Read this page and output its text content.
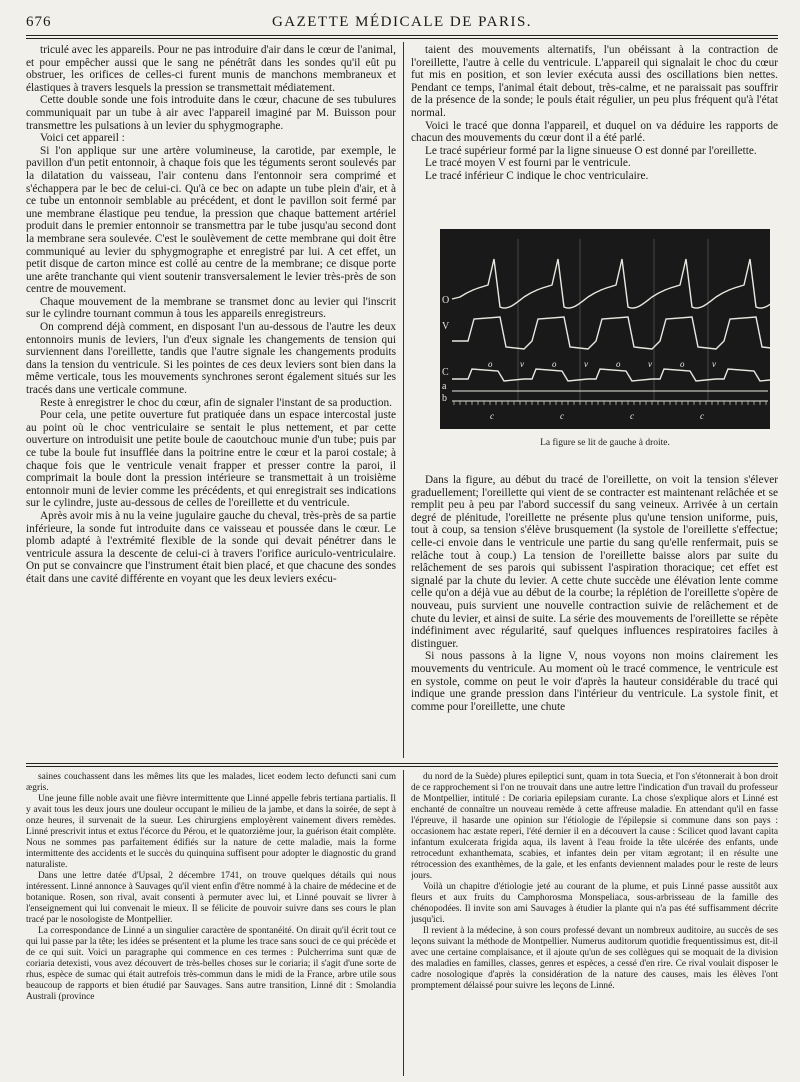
676	GAZETTE MÉDICALE DE PARIS.

triculé avec les appareils. Pour ne pas introduire d'air dans le cœur de l'animal, et pour empêcher aussi que le sang ne pénétrât dans les sondes qu'il eût pu obstruer, les orifices de celles-ci furent munis de manchons membraneux et élastiques à travers lesquels la pression se transmettait médiatement.

Cette double sonde une fois introduite dans le cœur, chacune de ses tubulures communiquait par un tube à air avec l'appareil imaginé par M. Buisson pour transmettre les pulsations à un levier du sphygmographe.

Voici cet appareil :

Si l'on applique sur une artère volumineuse, la carotide, par exemple, le pavillon d'un petit entonnoir, à chaque fois que les téguments seront soulevés par la dilatation du vaisseau, l'air contenu dans l'entonnoir sera comprimé et s'échappera par le bec de celui-ci. Qu'à ce bec on adapte un tube plein d'air, et à ce tube un entonnoir semblable au précédent, et dont le pavillon soit fermé par une membrane élastique peu tendue, la pression que chaque battement artériel produit dans le premier entonnoir se transmettra par le tube jusqu'au second dont la membrane sera soulevée. C'est le soulèvement de cette membrane qui doit être communiqué au levier du sphygmographe et enregistré par lui. A cet effet, un petit disque de carton mince est collé au centre de la membrane; ce disque porte une arête tranchante qui vient soutenir transversalement le levier très-près de son centre de mouvement.

Chaque mouvement de la membrane se transmet donc au levier qui l'inscrit sur le cylindre tournant commun à tous les appareils enregistreurs.

On comprend déjà comment, en disposant l'un au-dessous de l'autre les deux entonnoirs munis de leviers, l'un d'eux signale les changements de tension qui surviennent dans l'oreillette, tandis que l'autre signale les changements produits dans la tension du ventricule. Si les pointes de ces deux leviers sont bien dans la même verticale, tous les mouvements synchrones seront également situés sur les tracés dans une verticale commune.

Reste à enregistrer le choc du cœur, afin de signaler l'instant de sa production.

Pour cela, une petite ouverture fut pratiquée dans un espace intercostal juste au point où le choc ventriculaire se sentait le plus nettement, et par cette ouverture on introduisit une petite boule de caoutchouc munie d'un tube; puis par ce tube la boule fut insufflée dans la poitrine entre le cœur et la paroi costale; à chaque fois que le ventricule venait frapper et presser contre la paroi, il comprimait la boule dont la pression intérieure se transmettait à un troisième entonnoir muni de levier comme les précédents, et qui enregistrait ses indications sur le cylindre, juste au-dessous de celles de l'oreillette et du ventricule.

Après avoir mis à nu la veine jugulaire gauche du cheval, très-près de sa partie inférieure, la sonde fut introduite dans ce vaisseau et poussée dans le cœur. Le plomb adapté à l'extrémité flexible de la sonde qui devait pénétrer dans le ventricule assura la descente de celui-ci à travers l'orifice auriculo-ventriculaire. On put se convaincre que l'instrument était bien placé, et que chacune des sondes était dans une cavité différente en voyant que les deux leviers exécu-

taient des mouvements alternatifs, l'un obéissant à la contraction de l'oreillette, l'autre à celle du ventricule. L'appareil qui signalait le choc du cœur fut mis en position, et son levier exécuta aussi des oscillations bien nettes. Pendant ce temps, l'animal était debout, très-calme, et ne paraissait pas souffrir de la présence de la sonde; le pouls était régulier, un peu plus fréquent qu'à l'état normal.

Voici le tracé que donna l'appareil, et duquel on va déduire les rapports de chacun des mouvements du cœur dont il a été parlé.

Le tracé supérieur formé par la ligne sinueuse O est donné par l'oreillette.

Le tracé moyen V est fourni par le ventricule.

Le tracé inférieur C indique le choc ventriculaire.

O
V
C
a
b
o	v	o	v	o	v	o	v
c	c	c	c
La figure se lit de gauche à droite.

Dans la figure, au début du tracé de l'oreillette, on voit la tension s'élever graduellement; l'oreillette qui vient de se contracter est maintenant relâchée et se remplit peu à peu par l'abord successif du sang veineux. Arrivée à un certain degré de plénitude, l'oreillette ne présente plus qu'une tension uniforme, puis, tout à coup, sa tension s'élève brusquement (la systole de l'oreillette s'effectue; celle-ci envoie dans le ventricule une partie du sang qu'elle renfermait, puis se relâche tout à coup.) La tension de l'oreillette baisse alors par suite du relâchement de ses parois qui subissent l'aspiration thoracique; cet effet est signalé par la chute du levier. A cette chute succède une élévation lente comme celle qu'on a déjà vue au début de la courbe; la réplétion de l'oreillette s'opère de nouveau, puis survient une nouvelle contraction suivie de relâchement et de chute du levier, et ainsi de suite. La série des mouvements de l'oreillette se répète indéfiniment avec régularité, sauf quelques influences respiratoires faciles à distinguer.

Si nous passons à la ligne V, nous voyons non moins clairement les mouvements du ventricule. Au moment où le tracé commence, le ventricule est en systole, comme on peut le voir d'après la hauteur considérable du tracé qui indique une grande pression dans l'intérieur du ventricule. La systole finit, et comme pour l'oreillette, une chute

saines couchassent dans les mêmes lits que les malades, licet eodem lecto defuncti sani cum ægris.

Une jeune fille noble avait une fièvre intermittente que Linné appelle febris tertiana partialis. Il y avait tous les deux jours une douleur occupant le milieu de la jambe, et dans la soirée, de sept à onze heures, il survenait de la sueur. Les chirurgiens employèrent vainement divers remèdes. Linné prescrivit intus et extus l'écorce du Pérou, et le quatorzième jour, la guérison était complète. Nous ne sommes pas parfaitement édifiés sur la nature de cette maladie, mais la forme intermittente des accidents et le succès du quinquina suffisent pour adopter le diagnostic du grand naturaliste.

Dans une lettre datée d'Upsal, 2 décembre 1741, on trouve quelques détails qui nous intéressent. Linné annonce à Sauvages qu'il vient enfin d'être nommé à la chaire de médecine et de botanique. Rosen, son rival, avait consenti à permuter avec lui, et Linné pouvait se livrer à l'enseignement qui lui convenait le mieux. Il se félicite de pouvoir suivre dans ses cours le plan tracé par le nosologiste de Montpellier.

La correspondance de Linné a un singulier caractère de spontanéité. On dirait qu'il écrit tout ce qui lui passe par la tête; les idées se présentent et la plume les trace sans souci de ce qui précède et de ce qui suit. Voici un paragraphe qui commence en ces termes : Pulcherrima sunt quæ de coriaria detexisti, vous avez découvert de très-belles choses sur le coriaria; il s'agit d'une sorte de rhus, espèce de sumac qui était autrefois très-commun dans le midi de la France, arbre utile sous beaucoup de rapports et bien étudié par Sauvages. Sans autre transition, Linné dit : Smolandia Australi (province

du nord de la Suède) plures epileptici sunt, quam in tota Suecia, et l'on s'étonnerait à bon droit de ce rapprochement si l'on ne trouvait dans une autre lettre l'indication d'un travail du professeur de Montpellier, intitulé : De coriaria epilepsiam curante. La chose s'explique alors et Linné est enchanté de connaître un nouveau remède à cette affreuse maladie. En attendant qu'il en fasse l'épreuve, il hasarde une opinion sur l'étiologie de l'épilepsie si commune dans son pays : occasionem hac æstate reperi, l'été dernier il en a découvert la cause : Scilicet quod lavant capita infantum exulcerata frigida aqua, ils lavent à l'eau froide la tête ulcérée des enfants, unde retrocedunt exhanthemata, scabies, et infantes dein per vitam ægrotant; il en résulte une rétrocession des exanthèmes, de la gale, et les enfants deviennent malades pour le reste de leurs jours.

Voilà un chapitre d'étiologie jeté au courant de la plume, et puis Linné passe aussitôt aux fleurs et aux fruits du Camphorosma Monspeliaca, sous-arbrisseau de la famille des chénopodées. Il invite son ami Sauvages à étudier la plante qui n'a pas été suffisamment décrite jusqu'ici.

Il revient à la médecine, à son cours professé devant un nombreux auditoire, au succès de ses leçons suivant la méthode de Montpellier. Numerus auditorum quotidie frequentissimus est, dit-il avec une certaine complaisance, et il ajoute qu'un de ses collègues qui se moquait de la division des maladies en familles, classes, genres et espèces, a cessé d'en rire. Ce rival voulait disposer le cadre nosologique d'après la considération de la nature des causes, mais les élèves l'ont promptement délaissé pour suivre les leçons de Linné.
